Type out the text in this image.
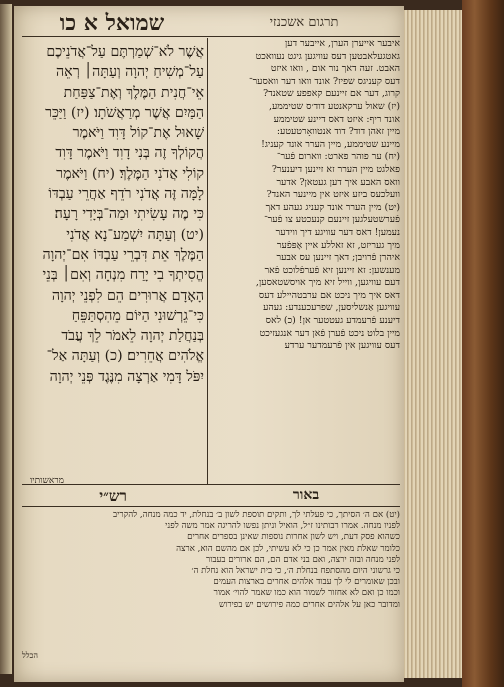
שמואל א כו	תרגום אשכנזי
אֲשֶׁר לֹא־שְׁמַרְתֶּם עַל־אֲדֹנֵיכֶם
עַל־מְשִׁיחַ יְהוָה וְעַתָּה׀ רְאֵה
אֵי־חֲנִית הַמֶּלֶךְ וְאֶת־צַפַּחַת
הַמַּיִם אֲשֶׁר מְרַאֲשֹׁתָו׃ (יז) וַיַּכֵּר
שָׁאוּל אֶת־קוֹל דָּוִד וַיֹּאמֶר
הֲקוֹלְךָ זֶה בְּנִי דָוִד וַיֹּאמֶר דָּוִד
קוֹלִי אֲדֹנִי הַמֶּלֶךְ׃ (יח) וַיֹּאמֶר
לָמָּה זֶּה אֲדֹנִי רֹדֵף אַחֲרֵי עַבְדּוֹ
כִּי מֶה עָשִׂיתִי וּמַה־בְּיָדִי רָעָה׃
(יט) וְעַתָּה יִשְׁמַע־נָא אֲדֹנִי
הַמֶּלֶךְ אֵת דִּבְרֵי עַבְדּוֹ אִם־יְהוָה
הֱסִיתְךָ בִי יָרַח מִנְחָה וְאִם׀ בְּנֵי
הָאָדָם אֲרוּרִים הֵם לִפְנֵי יְהוָה
כִּי־גֵרְשׁוּנִי הַיּוֹם מֵהִסְתַּפֵּחַ
בְּנַחֲלַת יְהוָה לֵאמֹר לֵךְ עֲבֹד
אֱלֹהִים אֲחֵרִים׃ (כ) וְעַתָּה אַל־
יִפֹּל דָּמִי אַרְצָה מִנֶּגֶד פְּנֵי יְהוָה
איבער אייערן הערן, אייבער דען
גאטגעלאבטען דעס עוויגען גיגט נעוואכט
האבט. זעה דאך נור אום , וואו איזט
דעס קעניגס שפיז? אונד וואו דער וואסער־
קרוג, דער אם זיינעם קאפפע שטאנד?
(יז) שאול ערקאנטע דוד׳ס שטיממע,
אונד ריף: איזט דאס דיינע שטיממע
מיין זאהן דוד? דוד אנטוואָרטעטע:
מיינע שטיממע, מיין הערר אונד קעניג!
(יח) ער פוהר פארט: ווארום פֿער־
פאלגט מיין הערר זא זיינען דיענער?
וואס האבע איך דען געטאן? אדער
וועלכעס ביזע איזט אין מיינער האנד?
(יט) מיין הערר אונד קעניג געהע דאך
פֿערשטעלגען זיינעם קנעכטע צו פֿער־
נעמען! דאס דער עוויגע דיך ווידער
מיך געריזט, זא זאללע איין אָפּפֿער
איהרן פֿרויבן; דאך זיינען עס אבער
מענשען: זא זיינען זיא פֿערפֿלוכט פֿאר
דעם עוויגען, ווייל זיא מיך אויסשטאסען,
דאס איך מיך ניכט אם ערבטהיילע דעס
עוויגען אַנשליסען, שפרעכענדע: געהע
דיענע פֿרעמדע געטטער אן! (כ) לאס
מיין בלוט ניכט פֿערן פֿאן דער אנגעזיכט
דעס עוויגען אין פֿרעמדער ערדע
מראשותיו
רש״י	באור
(יט) אם ה׳ הסיתך, כי פעלתי לך, ותקים תוספת לשון ב׳ בנחלת, יד כמה מנחה, להקריב
לפניו מנחה. אמרו רבותינו ז״ל, הואיל וניתן נפשו להריגה אמר משה לפני
כשהוא פסק דעת, ויש לשון אחרות נוספות שאינן בספרים אחרים
כלומר שאלת מאין אמר כן כי לא עשיתי, לכן אם מהשם הוא, ארצה
לפני מנחה ובזה ירצה, ואם בני אדם הם, הם ארורים בעבור
כי גרשוני היום מהסתפח בנחלת ה׳, כי בית ישראל הוא נחלת ה׳
ובכן שאומרים לי לך עבוד אלהים אחרים בארצות העמים
וכמו כן ואם לא אחזור לשמור הוא כמו שאמר להוי׳ אמור
ומדובר כאן על אלהים אחרים כמה פירושים יש בפירוש
הכלל
